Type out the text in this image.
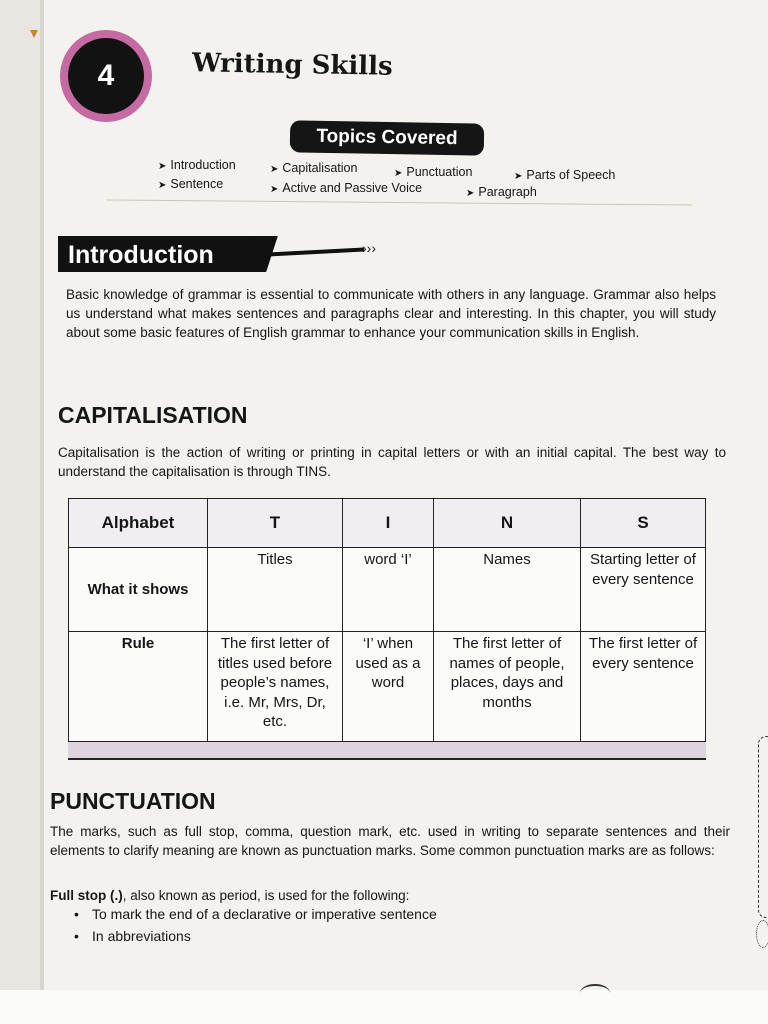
4	Writing Skills
Topics Covered
➤ Introduction	➤ Capitalisation	➤ Punctuation	➤ Parts of Speech
➤ Sentence	➤ Active and Passive Voice	➤ Paragraph
Introduction	›››
Basic knowledge of grammar is essential to communicate with others in any language. Grammar also helps us understand what makes sentences and paragraphs clear and interesting. In this chapter, you will study about some basic features of English grammar to enhance your communication skills in English.
CAPITALISATION
Capitalisation is the action of writing or printing in capital letters or with an initial capital. The best way to understand the capitalisation is through TINS.
Alphabet	T	I	N	S
What it shows	Titles	word ‘I’	Names	Starting letter of every sentence
Rule	The first letter of titles used before people’s names, i.e. Mr, Mrs, Dr, etc.	‘I’ when used as a word	The first letter of names of people, places, days and months	The first letter of every sentence
PUNCTUATION
The marks, such as full stop, comma, question mark, etc. used in writing to separate sentences and their elements to clarify meaning are known as punctuation marks. Some common punctuation marks are as follows:
Full stop (.), also known as period, is used for the following:
• To mark the end of a declarative or imperative sentence
• In abbreviations
